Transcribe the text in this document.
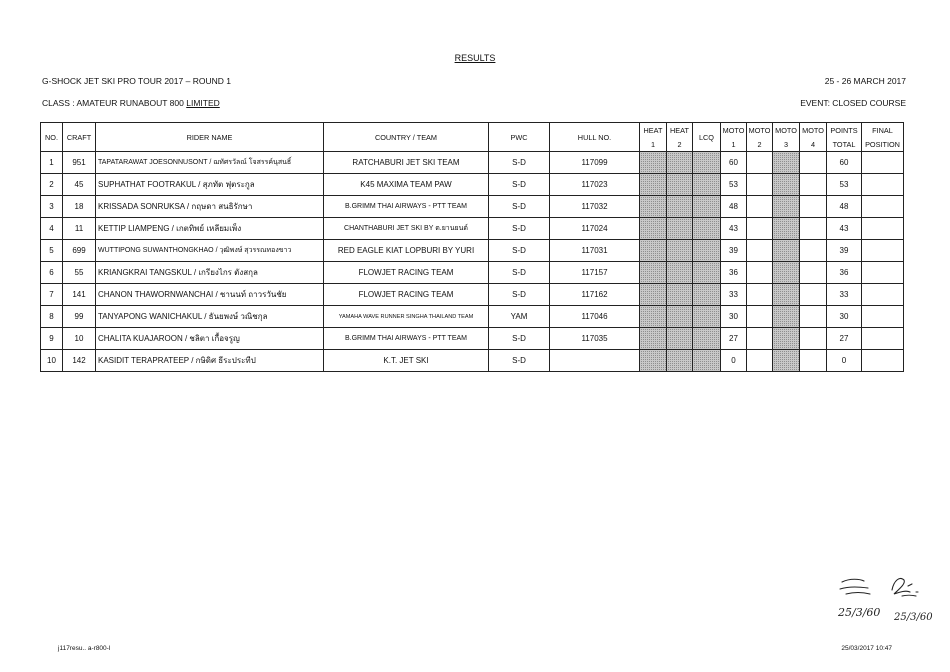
RESULTS
G-SHOCK JET SKI PRO TOUR 2017 – ROUND 1	25 - 26 MARCH 2017
CLASS : AMATEUR RUNABOUT 800 LIMITED	EVENT: CLOSED COURSE
NO.	CRAFT	RIDER NAME	COUNTRY / TEAM	PWC	HULL NO.	HEAT	HEAT	LCQ	MOTO	MOTO	MOTO	MOTO	POINTS	FINAL
						1	2		1	2	3	4	TOTAL	POSITION
1	951	TAPATARAWAT JOESONNUSONT / ฌทัศรวัลณ์ โจสรรค์นุสนธิ์	RATCHABURI JET SKI TEAM	S-D	117099				60				60	
2	45	SUPHATHAT FOOTRAKUL / สุภทัต ฟุตระกูล	K45 MAXIMA TEAM PAW	S-D	117023				53				53	
3	18	KRISSADA SONRUKSA / กฤษดา สนธิรักษา	B.GRIMM THAI AIRWAYS - PTT TEAM	S-D	117032				48				48	
4	11	KETTIP LIAMPENG / เกตทิพย์ เหลียมเพ็ง	CHANTHABURI JET SKI BY ต.ยานยนต์	S-D	117024				43				43	
5	699	WUTTIPONG SUWANTHONGKHAO / วุฒิพงษ์ สุวรรณทองขาว	RED EAGLE KIAT LOPBURI BY YURI	S-D	117031				39				39	
6	55	KRIANGKRAI TANGSKUL / เกรียงไกร ตังสกุล	FLOWJET RACING TEAM	S-D	117157				36				36	
7	141	CHANON THAWORNWANCHAI / ชานนท์ ถาวรวันชัย	FLOWJET RACING TEAM	S-D	117162				33				33	
8	99	TANYAPONG WANICHAKUL / ธันยพงษ์ วณิชกุล	YAMAHA WAVE RUNNER SINGHA THAILAND TEAM	YAM	117046				30				30	
9	10	CHALITA KUAJAROON / ชลิตา เกื้อจรูญ	B.GRIMM THAI AIRWAYS - PTT TEAM	S-D	117035				27				27	
10	142	KASIDIT TERAPRATEEP / กษิดิศ ธีระประทีป	K.T. JET SKI	S-D					0				0	
25/3/60 25/3/60
j117resu.. a-r800-l	25/03/2017 10:47
